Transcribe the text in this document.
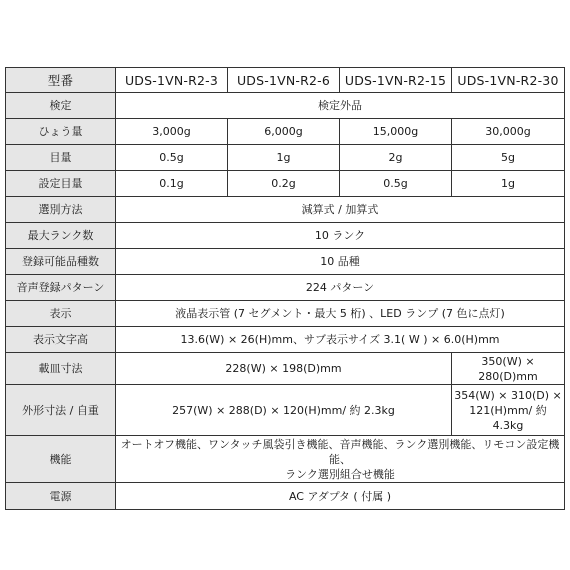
型番	UDS-1VN-R2-3	UDS-1VN-R2-6	UDS-1VN-R2-15	UDS-1VN-R2-30
検定	検定外品			
ひょう量	3,000g	6,000g	15,000g	30,000g
目量	0.5g	1g	2g	5g
設定目量	0.1g	0.2g	0.5g	1g
選別方法	減算式 / 加算式			
最大ランク数	10 ランク			
登録可能品種数	10 品種			
音声登録パターン	224 パターン			
表示	液晶表示管 (7 セグメント・最大 5 桁) 、LED ランプ (7 色に点灯)			
表示文字高	13.6(W) × 26(H)mm、サブ表示サイズ 3.1( W ) × 6.0(H)mm			
載皿寸法	228(W) × 198(D)mm			350(W) × 280(D)mm
外形寸法 / 自重	257(W) × 288(D) × 120(H)mm/ 約 2.3kg			354(W) × 310(D) ×
121(H)mm/ 約 4.3kg

機能	オートオフ機能、ワンタッチ風袋引き機能、音声機能、ランク選別機能、リモコン設定機能、
ランク選別組合せ機能			

電源	AC アダプタ ( 付属 )			
